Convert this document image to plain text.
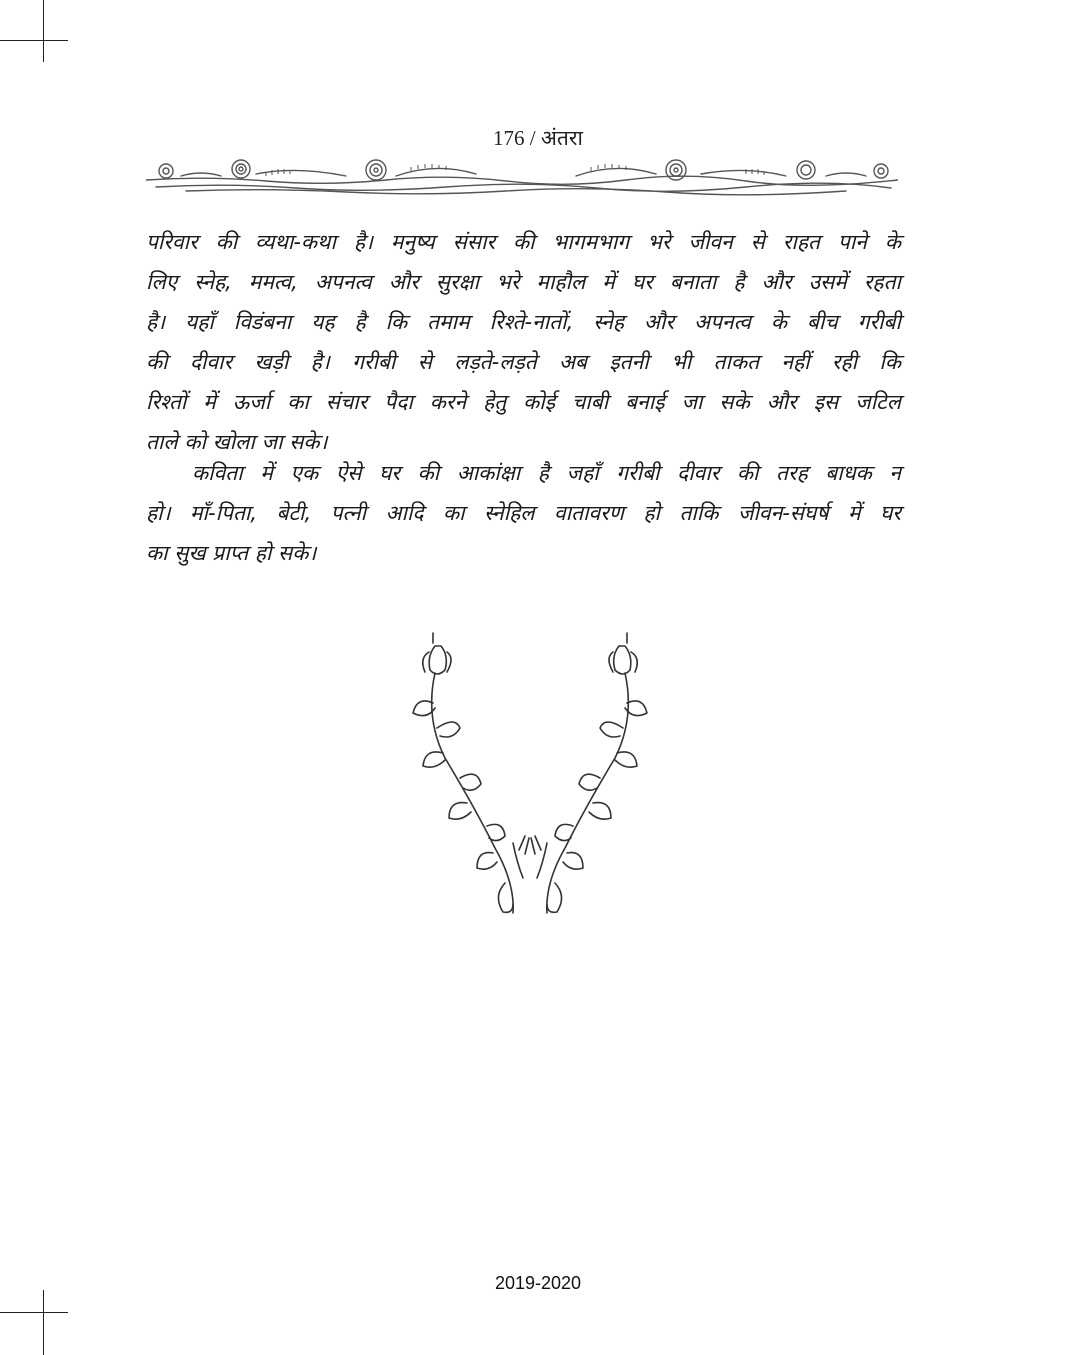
176 / अंतरा
परिवार की व्यथा-कथा है। मनुष्य संसार की भागमभाग भरे जीवन से राहत पाने के
लिए स्नेह, ममत्व, अपनत्व और सुरक्षा भरे माहौल में घर बनाता है और उसमें रहता
है। यहाँ विडंबना यह है कि तमाम रिश्ते-नातों, स्नेह और अपनत्व के बीच गरीबी
की दीवार खड़ी है। गरीबी से लड़ते-लड़ते अब इतनी भी ताकत नहीं रही कि
रिश्तों में ऊर्जा का संचार पैदा करने हेतु कोई चाबी बनाई जा सके और इस जटिल
ताले को खोला जा सके।
कविता में एक ऐसे घर की आकांक्षा है जहाँ गरीबी दीवार की तरह बाधक न
हो। माँ-पिता, बेटी, पत्नी आदि का स्नेहिल वातावरण हो ताकि जीवन-संघर्ष में घर
का सुख प्राप्त हो सके।
2019-2020
